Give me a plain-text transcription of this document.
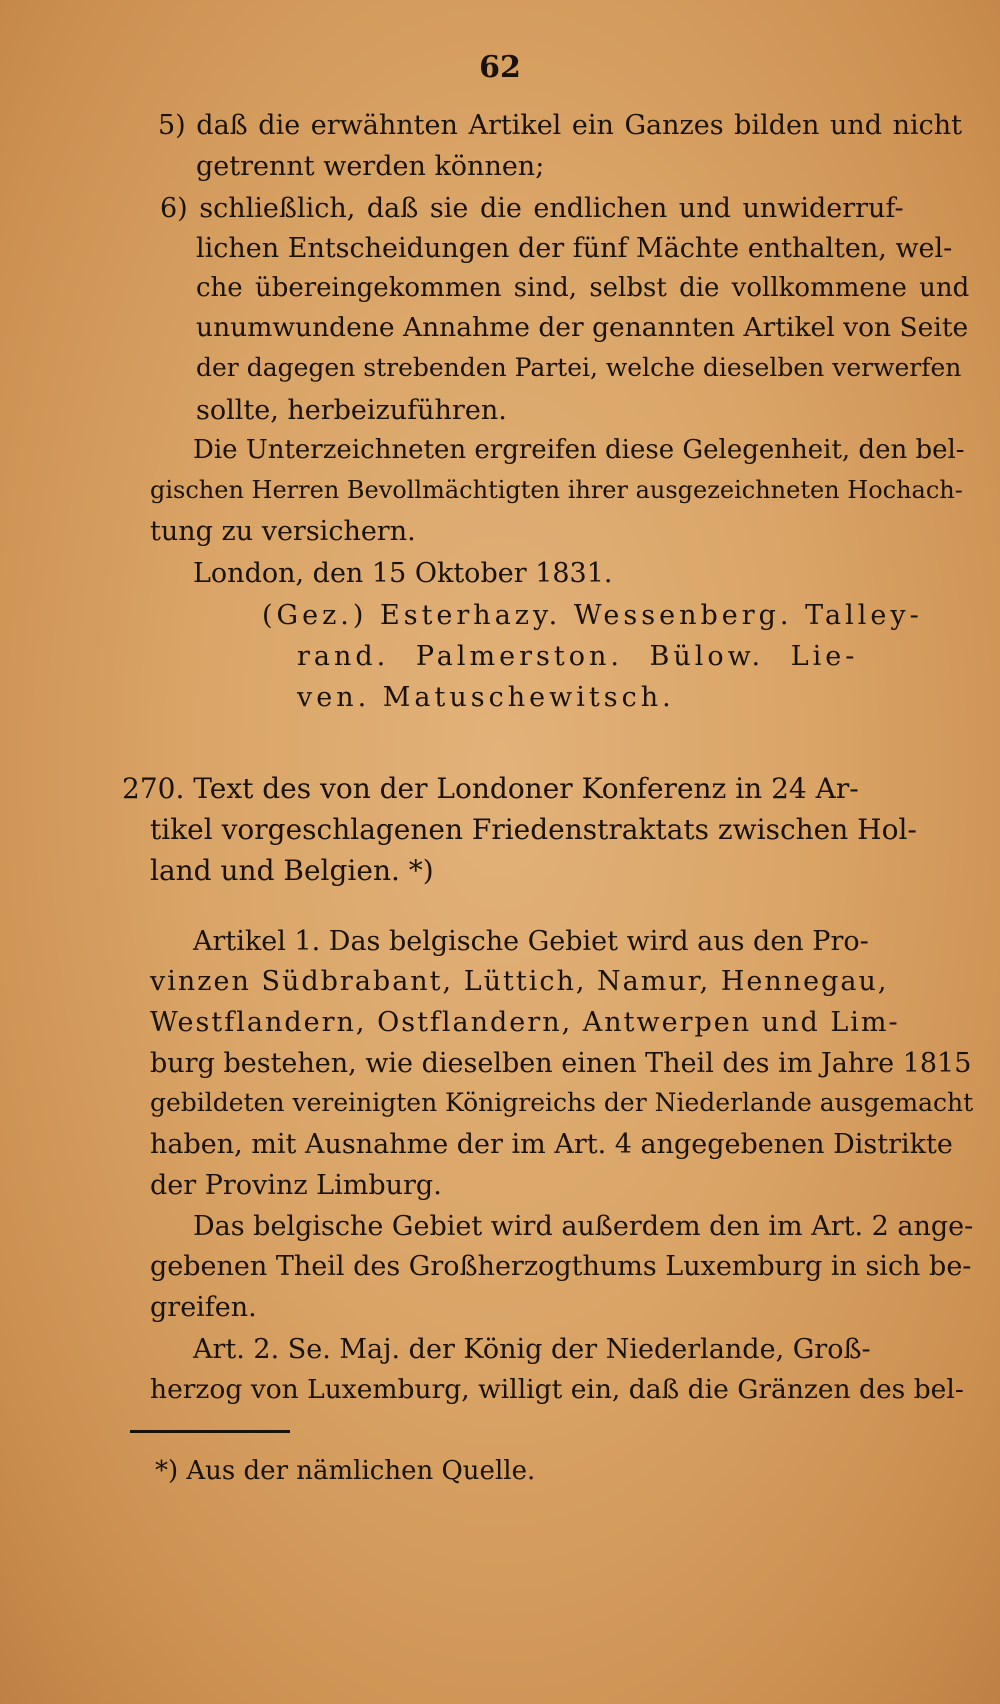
62
5) daß die erwähnten Artikel ein Ganzes bilden und nicht
getrennt werden können;
6) schließlich, daß sie die endlichen und unwiderruf-
lichen Entscheidungen der fünf Mächte enthalten, wel-
che übereingekommen sind, selbst die vollkommene und
unumwundene Annahme der genannten Artikel von Seite
der dagegen strebenden Partei, welche dieselben verwerfen
sollte, herbeizuführen.
Die Unterzeichneten ergreifen diese Gelegenheit, den bel-
gischen Herren Bevollmächtigten ihrer ausgezeichneten Hochach-
tung zu versichern.
London, den 15 Oktober 1831.
(Gez.) Esterhazy. Wessenberg. Talley-
rand. Palmerston. Bülow. Lie-
ven. Matuschewitsch.
270. Text des von der Londoner Konferenz in 24 Ar-
tikel vorgeschlagenen Friedenstraktats zwischen Hol-
land und Belgien. *)
Artikel 1. Das belgische Gebiet wird aus den Pro-
vinzen Südbrabant, Lüttich, Namur, Hennegau,
Westflandern, Ostflandern, Antwerpen und Lim-
burg bestehen, wie dieselben einen Theil des im Jahre 1815
gebildeten vereinigten Königreichs der Niederlande ausgemacht
haben, mit Ausnahme der im Art. 4 angegebenen Distrikte
der Provinz Limburg.
Das belgische Gebiet wird außerdem den im Art. 2 ange-
gebenen Theil des Großherzogthums Luxemburg in sich be-
greifen.
Art. 2. Se. Maj. der König der Niederlande, Groß-
herzog von Luxemburg, willigt ein, daß die Gränzen des bel-
*) Aus der nämlichen Quelle.
